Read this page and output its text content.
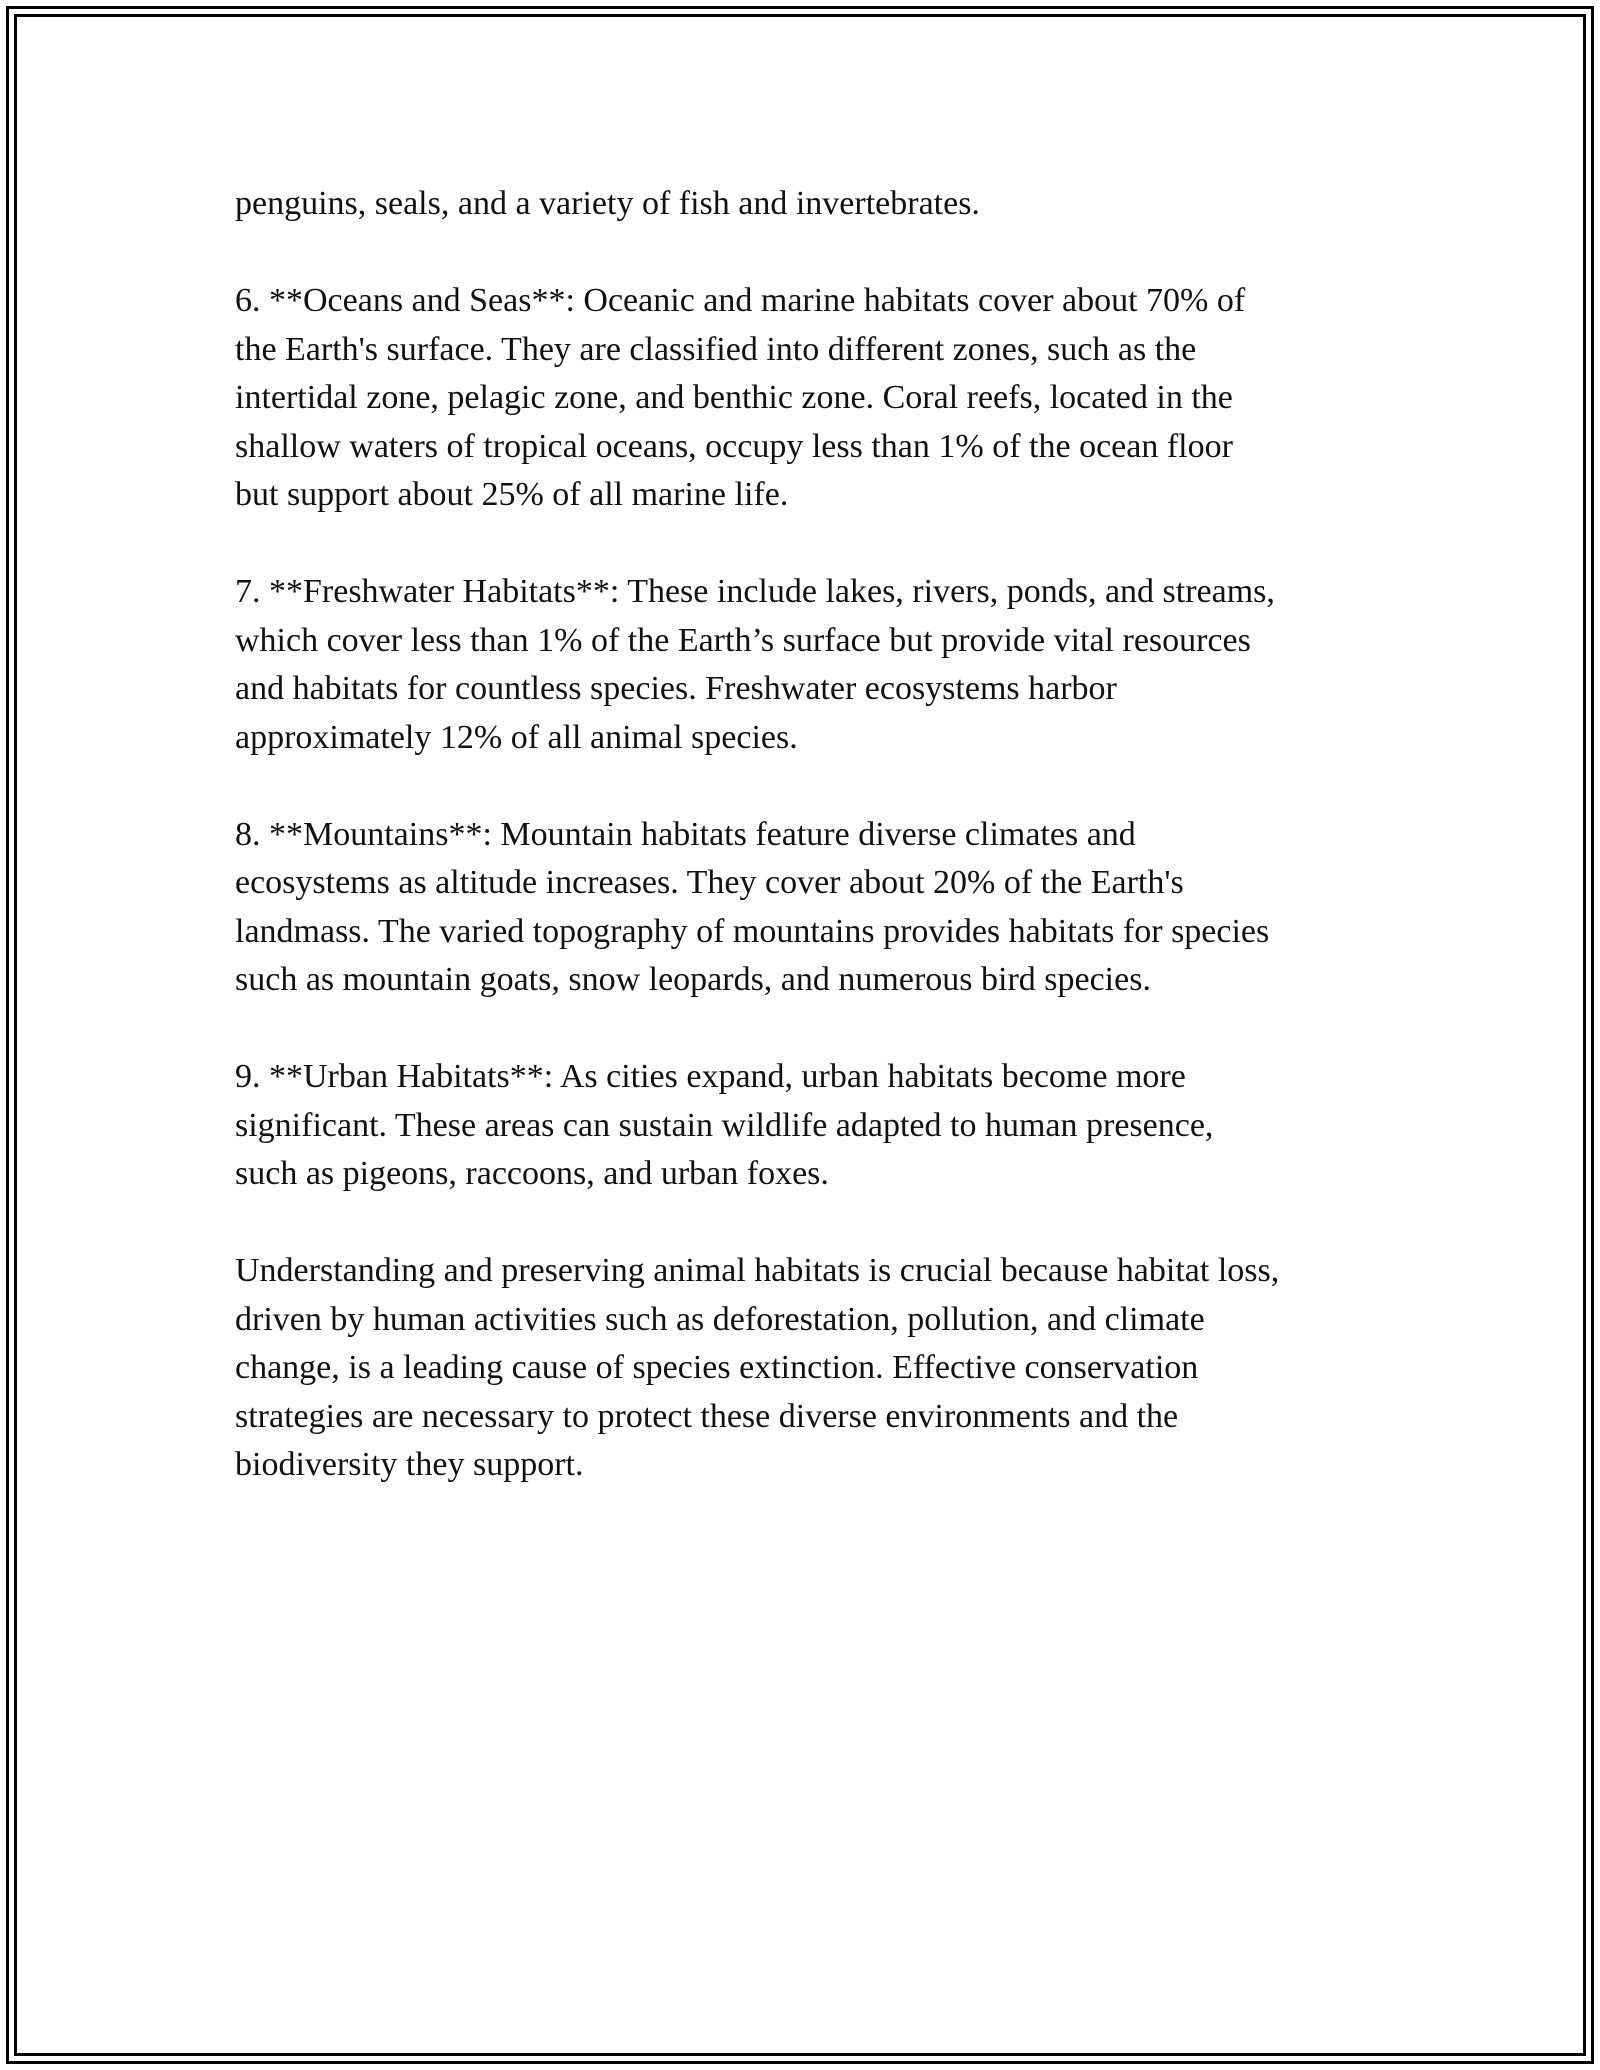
penguins, seals, and a variety of fish and invertebrates.

6. **Oceans and Seas**: Oceanic and marine habitats cover about 70% of
the Earth's surface. They are classified into different zones, such as the
intertidal zone, pelagic zone, and benthic zone. Coral reefs, located in the
shallow waters of tropical oceans, occupy less than 1% of the ocean floor
but support about 25% of all marine life.

7. **Freshwater Habitats**: These include lakes, rivers, ponds, and streams,
which cover less than 1% of the Earth’s surface but provide vital resources
and habitats for countless species. Freshwater ecosystems harbor
approximately 12% of all animal species.

8. **Mountains**: Mountain habitats feature diverse climates and
ecosystems as altitude increases. They cover about 20% of the Earth's
landmass. The varied topography of mountains provides habitats for species
such as mountain goats, snow leopards, and numerous bird species.

9. **Urban Habitats**: As cities expand, urban habitats become more
significant. These areas can sustain wildlife adapted to human presence,
such as pigeons, raccoons, and urban foxes.

Understanding and preserving animal habitats is crucial because habitat loss,
driven by human activities such as deforestation, pollution, and climate
change, is a leading cause of species extinction. Effective conservation
strategies are necessary to protect these diverse environments and the
biodiversity they support.
